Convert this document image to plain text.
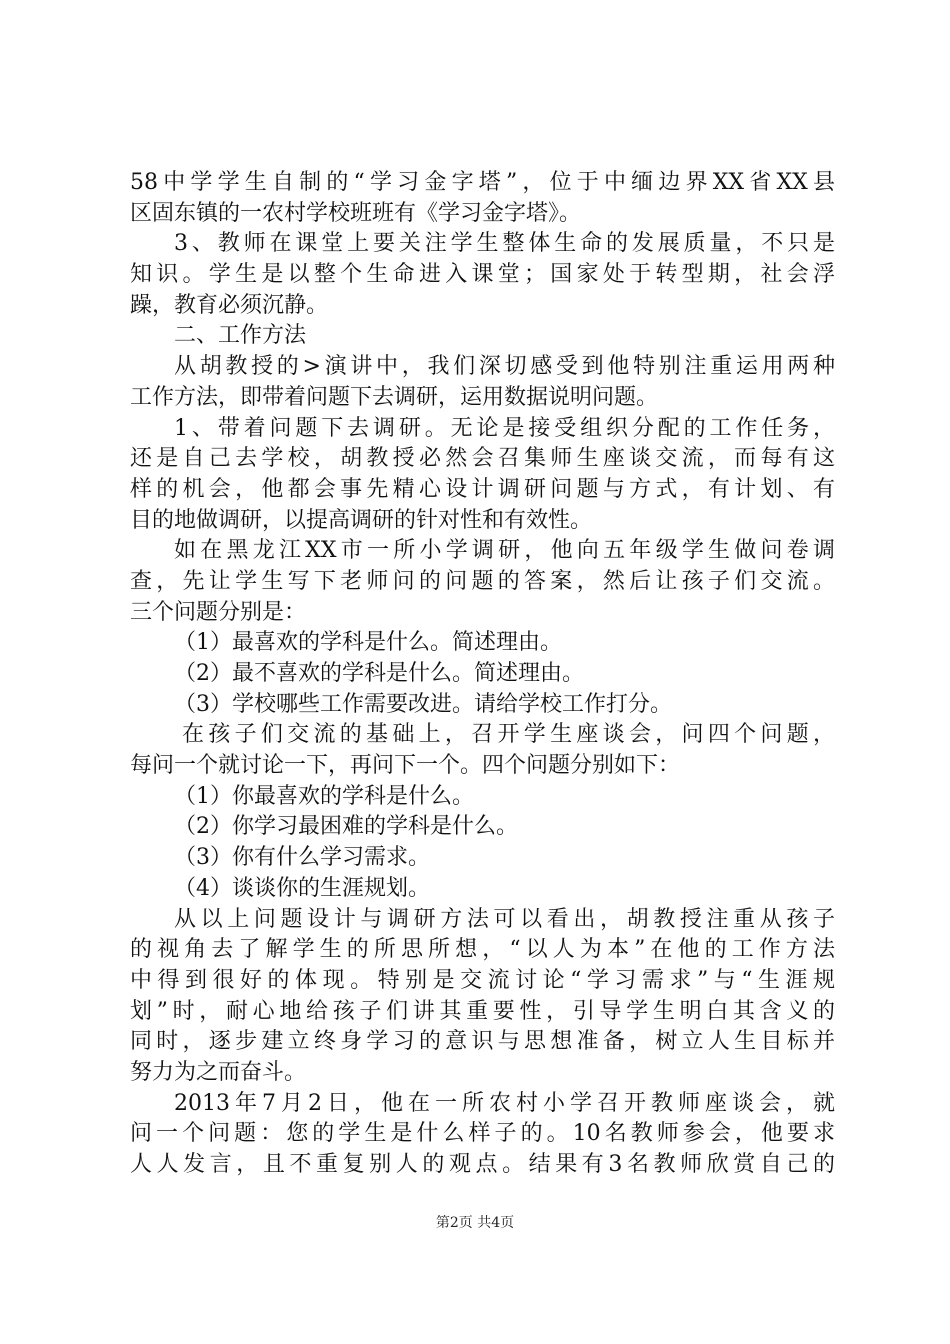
58中学学生自制的“学习金字塔”，位于中缅边界XX省XX县
区固东镇的一农村学校班班有《学习金字塔》。
3、教师在课堂上要关注学生整体生命的发展质量，不只是
知识。学生是以整个生命进入课堂；国家处于转型期，社会浮
躁，教育必须沉静。
二、工作方法
从胡教授的>演讲中，我们深切感受到他特别注重运用两种
工作方法，即带着问题下去调研，运用数据说明问题。
1、带着问题下去调研。无论是接受组织分配的工作任务，
还是自己去学校，胡教授必然会召集师生座谈交流，而每有这
样的机会，他都会事先精心设计调研问题与方式，有计划、有
目的地做调研，以提高调研的针对性和有效性。
如在黑龙江XX市一所小学调研，他向五年级学生做问卷调
查，先让学生写下老师问的问题的答案，然后让孩子们交流。
三个问题分别是：
（1）最喜欢的学科是什么。简述理由。
（2）最不喜欢的学科是什么。简述理由。
（3）学校哪些工作需要改进。请给学校工作打分。
在孩子们交流的基础上，召开学生座谈会，问四个问题，
每问一个就讨论一下，再问下一个。四个问题分别如下：
（1）你最喜欢的学科是什么。
（2）你学习最困难的学科是什么。
（3）你有什么学习需求。
（4）谈谈你的生涯规划。
从以上问题设计与调研方法可以看出，胡教授注重从孩子
的视角去了解学生的所思所想，“以人为本”在他的工作方法
中得到很好的体现。特别是交流讨论“学习需求”与“生涯规
划”时，耐心地给孩子们讲其重要性，引导学生明白其含义的
同时，逐步建立终身学习的意识与思想准备，树立人生目标并
努力为之而奋斗。
2013年7月2日，他在一所农村小学召开教师座谈会，就
问一个问题：您的学生是什么样子的。10名教师参会，他要求
人人发言，且不重复别人的观点。结果有3名教师欣赏自己的
第2页 共4页
